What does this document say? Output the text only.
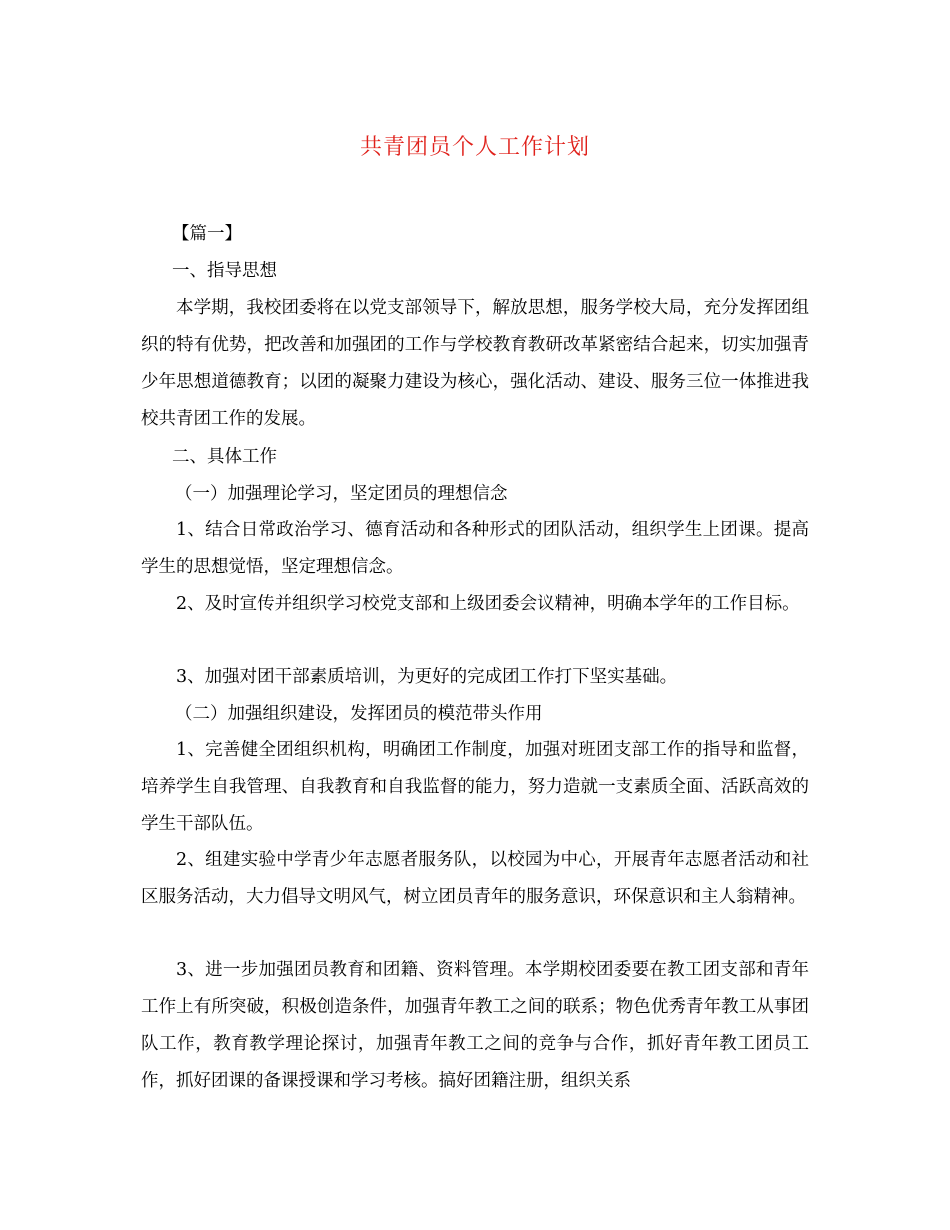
共青团员个人工作计划
【篇一】
一、指导思想

本学期，我校团委将在以党支部领导下，解放思想，服务学校大局，充分发挥团组织的特有优势，把改善和加强团的工作与学校教育教研改革紧密结合起来，切实加强青少年思想道德教育；以团的凝聚力建设为核心，强化活动、建设、服务三位一体推进我校共青团工作的发展。

二、具体工作
（一）加强理论学习，坚定团员的理想信念

1、结合日常政治学习、德育活动和各种形式的团队活动，组织学生上团课。提高学生的思想觉悟，坚定理想信念。

2、及时宣传并组织学习校党支部和上级团委会议精神，明确本学年的工作目标。

3、加强对团干部素质培训，为更好的完成团工作打下坚实基础。

（二）加强组织建设，发挥团员的模范带头作用

1、完善健全团组织机构，明确团工作制度，加强对班团支部工作的指导和监督，培养学生自我管理、自我教育和自我监督的能力，努力造就一支素质全面、活跃高效的学生干部队伍。

2、组建实验中学青少年志愿者服务队，以校园为中心，开展青年志愿者活动和社区服务活动，大力倡导文明风气，树立团员青年的服务意识，环保意识和主人翁精神。

3、进一步加强团员教育和团籍、资料管理。本学期校团委要在教工团支部和青年工作上有所突破，积极创造条件，加强青年教工之间的联系；物色优秀青年教工从事团队工作，教育教学理论探讨，加强青年教工之间的竞争与合作，抓好青年教工团员工作，抓好团课的备课授课和学习考核。搞好团籍注册，组织关系
